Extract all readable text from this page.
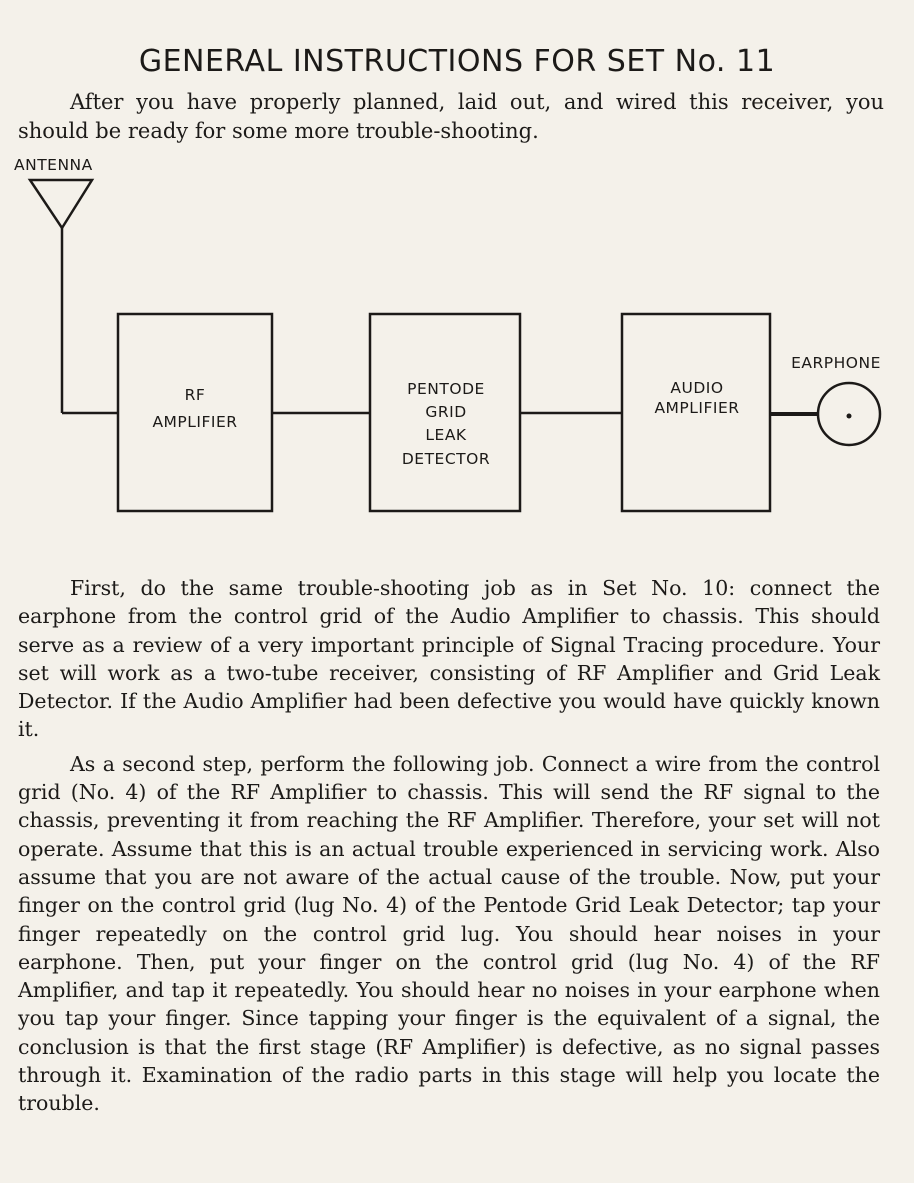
GENERAL INSTRUCTIONS FOR SET No. 11

After you have properly planned, laid out, and wired this receiver, you should be ready for some more trouble-shooting.

ANTENNA
EARPHONE
RF
AMPLIFIER
PENTODE
GRID
LEAK
DETECTOR
AUDIO
AMPLIFIER

First, do the same trouble-shooting job as in Set No. 10: connect the earphone from the control grid of the Audio Amplifier to chassis. This should serve as a review of a very important principle of Signal Tracing procedure. Your set will work as a two-tube receiver, consisting of RF Amplifier and Grid Leak Detector. If the Audio Amplifier had been defective you would have quickly known it.

As a second step, perform the following job. Connect a wire from the control grid (No. 4) of the RF Amplifier to chassis. This will send the RF signal to the chassis, preventing it from reaching the RF Amplifier. Therefore, your set will not operate. Assume that this is an actual trouble experienced in servicing work. Also assume that you are not aware of the actual cause of the trouble. Now, put your finger on the control grid (lug No. 4) of the Pentode Grid Leak Detector; tap your finger repeatedly on the control grid lug. You should hear noises in your earphone. Then, put your finger on the control grid (lug No. 4) of the RF Amplifier, and tap it repeatedly. You should hear no noises in your earphone when you tap your finger. Since tapping your finger is the equivalent of a signal, the conclusion is that the first stage (RF Amplifier) is defective, as no signal passes through it. Examination of the radio parts in this stage will help you locate the trouble.
